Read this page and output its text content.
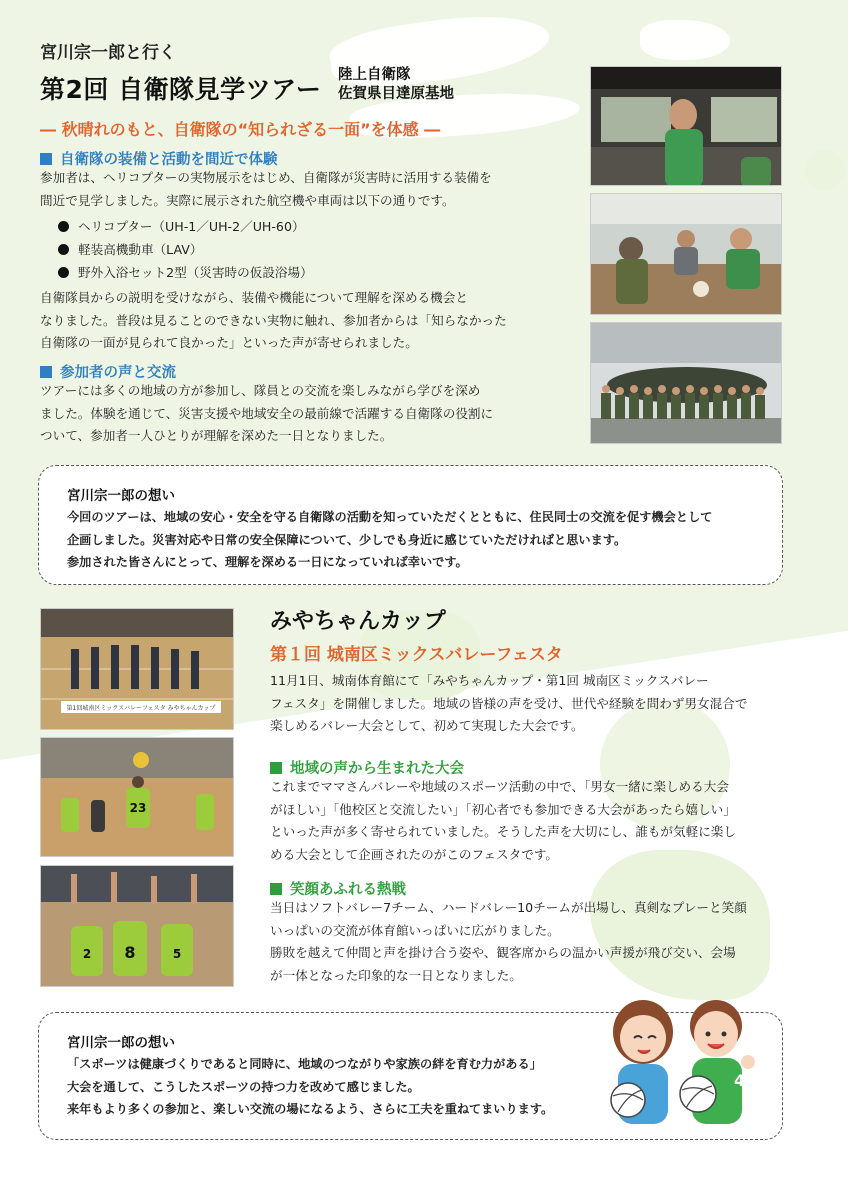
宮川宗一郎と行く
第2回 自衛隊見学ツアー 陸上自衛隊
佐賀県目達原基地
― 秋晴れのもと、自衛隊の“知られざる一面”を体感 ―
自衛隊の装備と活動を間近で体験
参加者は、ヘリコプターの実物展示をはじめ、自衛隊が災害時に活用する装備を
間近で見学しました。実際に展示された航空機や車両は以下の通りです。
ヘリコプター（UH-1／UH-2／UH-60）
軽装高機動車（LAV）
野外入浴セット2型（災害時の仮設浴場）
自衛隊員からの説明を受けながら、装備や機能について理解を深める機会と
なりました。普段は見ることのできない実物に触れ、参加者からは「知らなかった
自衛隊の一面が見られて良かった」といった声が寄せられました。
参加者の声と交流
ツアーには多くの地域の方が参加し、隊員との交流を楽しみながら学びを深め
ました。体験を通じて、災害支援や地域安全の最前線で活躍する自衛隊の役割に
ついて、参加者一人ひとりが理解を深めた一日となりました。
宮川宗一郎の想い
今回のツアーは、地域の安心・安全を守る自衛隊の活動を知っていただくとともに、住民同士の交流を促す機会として
企画しました。災害対応や日常の安全保障について、少しでも身近に感じていただければと思います。
参加された皆さんにとって、理解を深める一日になっていれば幸いです。
第1回城南区ミックスバレーフェスタ みやちゃんカップ
23
8
2	5
みやちゃんカップ
第１回 城南区ミックスバレーフェスタ
11月1日、城南体育館にて「みやちゃんカップ・第1回 城南区ミックスバレー
フェスタ」を開催しました。地域の皆様の声を受け、世代や経験を問わず男女混合で
楽しめるバレー大会として、初めて実現した大会です。
地域の声から生まれた大会
これまでママさんバレーや地域のスポーツ活動の中で、「男女一緒に楽しめる大会
がほしい」「他校区と交流したい」「初心者でも参加できる大会があったら嬉しい」
といった声が多く寄せられていました。そうした声を大切にし、誰もが気軽に楽し
める大会として企画されたのがこのフェスタです。
笑顔あふれる熱戦
当日はソフトバレー7チーム、ハードバレー10チームが出場し、真剣なプレーと笑顔
いっぱいの交流が体育館いっぱいに広がりました。
勝敗を越えて仲間と声を掛け合う姿や、観客席からの温かい声援が飛び交い、会場
が一体となった印象的な一日となりました。
宮川宗一郎の想い
「スポーツは健康づくりであると同時に、地域のつながりや家族の絆を育む力がある」
大会を通して、こうしたスポーツの持つ力を改めて感じました。
来年もより多くの参加と、楽しい交流の場になるよう、さらに工夫を重ねてまいります。
4
